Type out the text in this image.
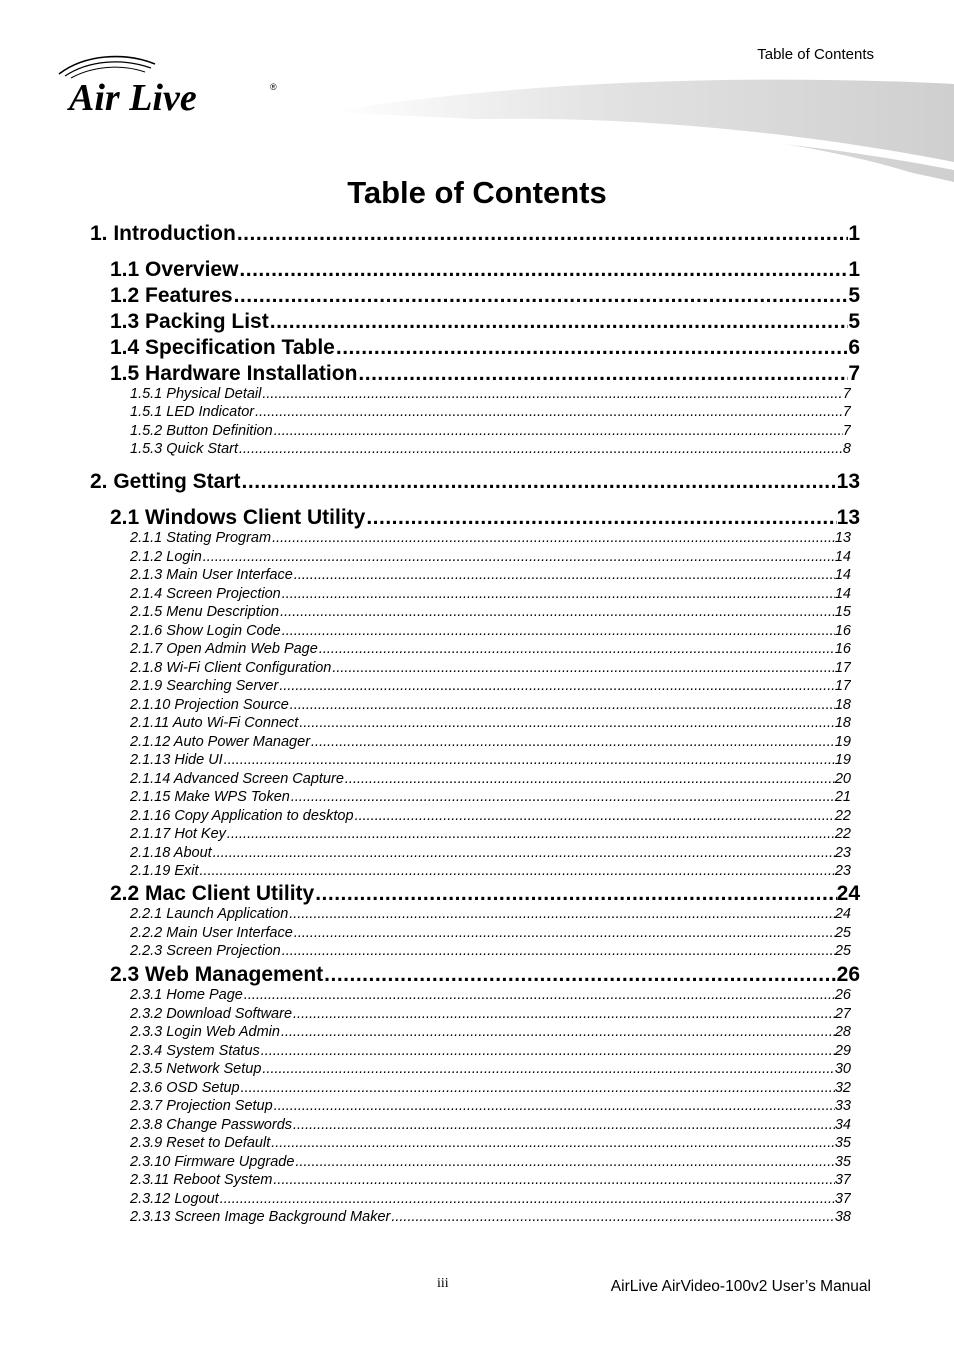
Table of Contents
Air Live	®
Table of Contents
1. Introduction .....	1
1.1 Overview .....	1
1.2 Features .....	5
1.3 Packing List .....	5
1.4 Specification Table .....	6
1.5 Hardware Installation .....	7
1.5.1 Physical Detail .....	7
1.5.1 LED Indicator .....	7
1.5.2 Button Definition .....	7
1.5.3 Quick Start .....	8
2. Getting Start .....	13
2.1 Windows Client Utility .....	13
2.1.1 Stating Program .....	13
2.1.2 Login .....	14
2.1.3 Main User Interface .....	14
2.1.4 Screen Projection .....	14
2.1.5 Menu Description .....	15
2.1.6 Show Login Code .....	16
2.1.7 Open Admin Web Page .....	16
2.1.8 Wi-Fi Client Configuration .....	17
2.1.9 Searching Server .....	17
2.1.10 Projection Source .....	18
2.1.11 Auto Wi-Fi Connect .....	18
2.1.12 Auto Power Manager .....	19
2.1.13 Hide UI .....	19
2.1.14 Advanced Screen Capture .....	20
2.1.15 Make WPS Token .....	21
2.1.16 Copy Application to desktop .....	22
2.1.17 Hot Key .....	22
2.1.18 About .....	23
2.1.19 Exit .....	23
2.2 Mac Client Utility .....	24
2.2.1 Launch Application .....	24
2.2.2 Main User Interface .....	25
2.2.3 Screen Projection .....	25
2.3 Web Management .....	26
2.3.1 Home Page .....	26
2.3.2 Download Software .....	27
2.3.3 Login Web Admin .....	28
2.3.4 System Status .....	29
2.3.5 Network Setup .....	30
2.3.6 OSD Setup .....	32
2.3.7 Projection Setup .....	33
2.3.8 Change Passwords .....	34
2.3.9 Reset to Default .....	35
2.3.10 Firmware Upgrade .....	35
2.3.11 Reboot System .....	37
2.3.12 Logout .....	37
2.3.13 Screen Image Background Maker .....	38
iii	AirLive AirVideo-100v2 User’s Manual
